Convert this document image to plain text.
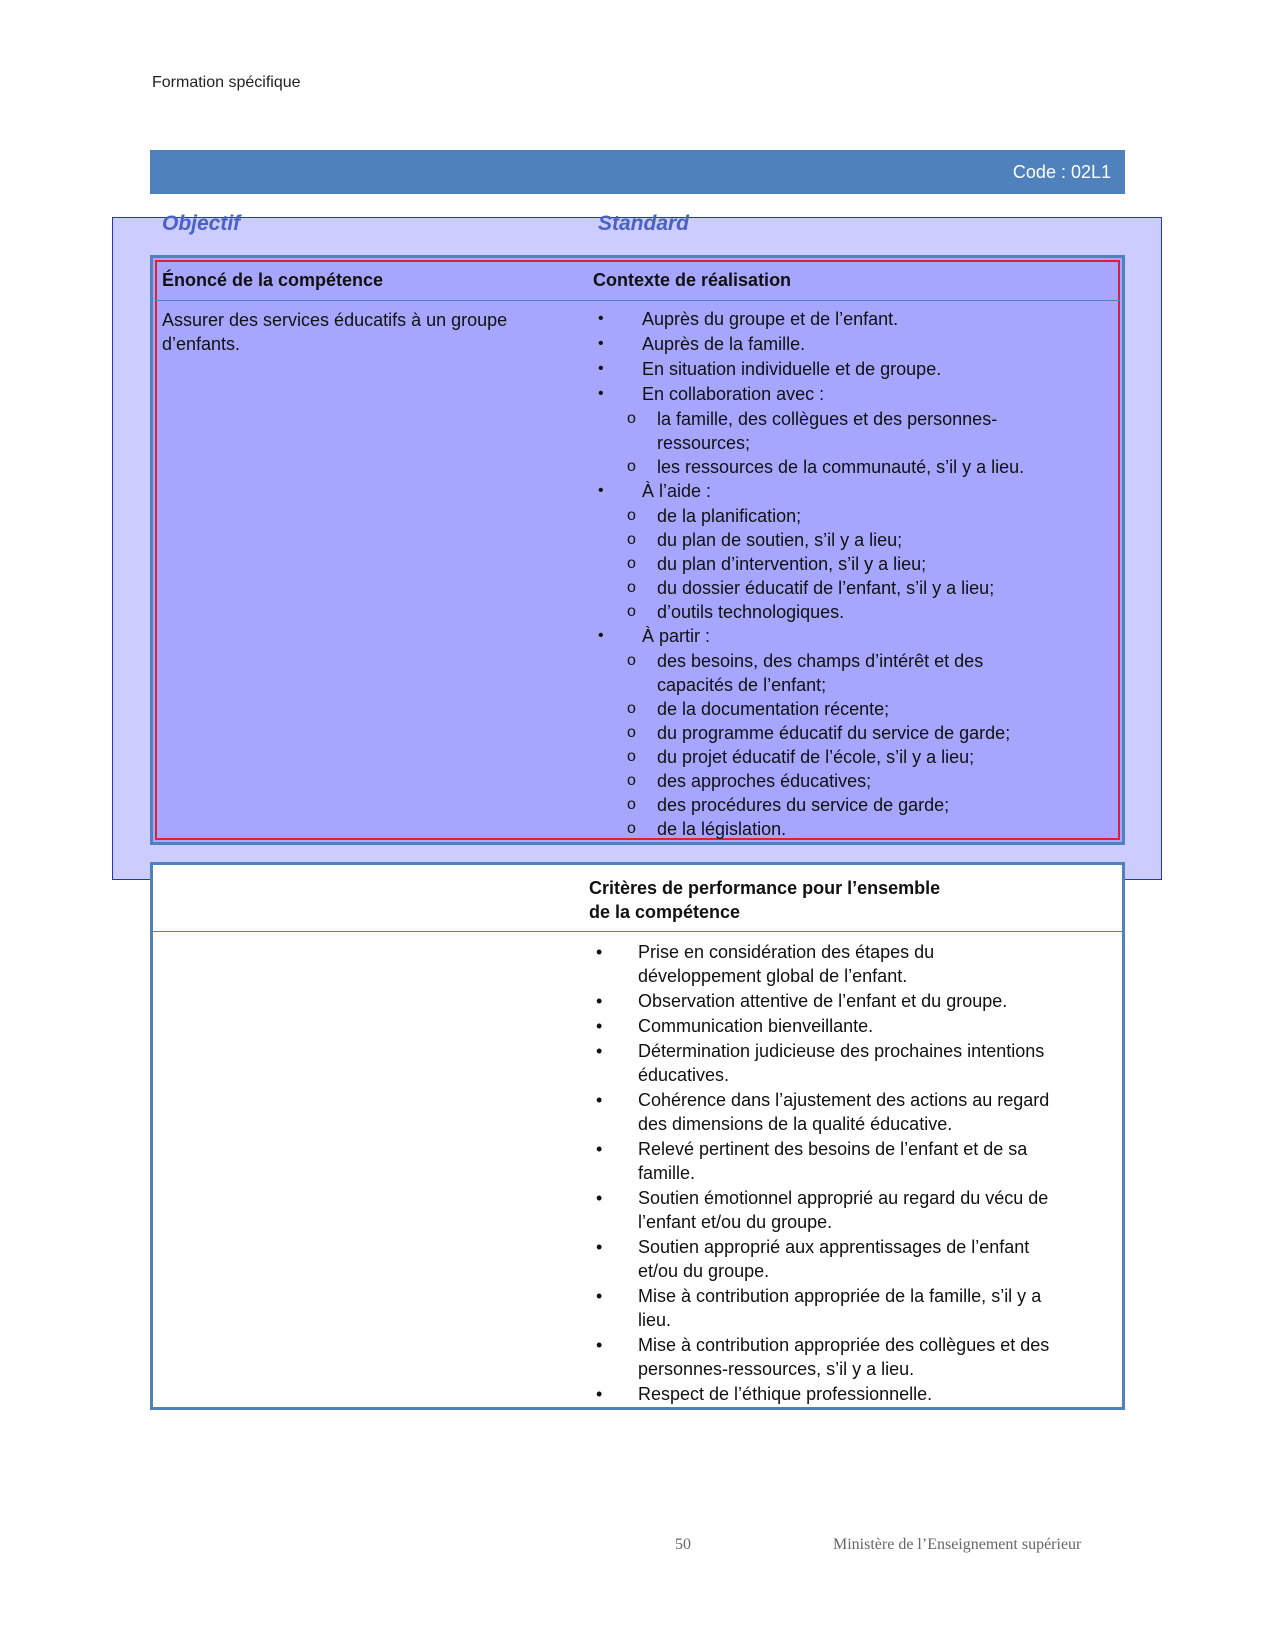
Formation spécifique
Code : 02L1
Objectif	Standard
Énoncé de la compétence	Contexte de réalisation
Assurer des services éducatifs à un groupe
d’enfants.
• Auprès du groupe et de l’enfant.
• Auprès de la famille.
• En situation individuelle et de groupe.
• En collaboration avec :
o la famille, des collègues et des personnes-
ressources;
o les ressources de la communauté, s’il y a lieu.
• À l’aide :
o de la planification;
o du plan de soutien, s’il y a lieu;
o du plan d’intervention, s’il y a lieu;
o du dossier éducatif de l’enfant, s’il y a lieu;
o d’outils technologiques.
• À partir :
o des besoins, des champs d’intérêt et des
capacités de l’enfant;
o de la documentation récente;
o du programme éducatif du service de garde;
o du projet éducatif de l’école, s’il y a lieu;
o des approches éducatives;
o des procédures du service de garde;
o de la législation.
Critères de performance pour l’ensemble
de la compétence
• Prise en considération des étapes du
développement global de l’enfant.
• Observation attentive de l’enfant et du groupe.
• Communication bienveillante.
• Détermination judicieuse des prochaines intentions
éducatives.
• Cohérence dans l’ajustement des actions au regard
des dimensions de la qualité éducative.
• Relevé pertinent des besoins de l’enfant et de sa
famille.
• Soutien émotionnel approprié au regard du vécu de
l’enfant et/ou du groupe.
• Soutien approprié aux apprentissages de l’enfant
et/ou du groupe.
• Mise à contribution appropriée de la famille, s’il y a
lieu.
• Mise à contribution appropriée des collègues et des
personnes-ressources, s’il y a lieu.
• Respect de l’éthique professionnelle.
50	Ministère de l’Enseignement supérieur
